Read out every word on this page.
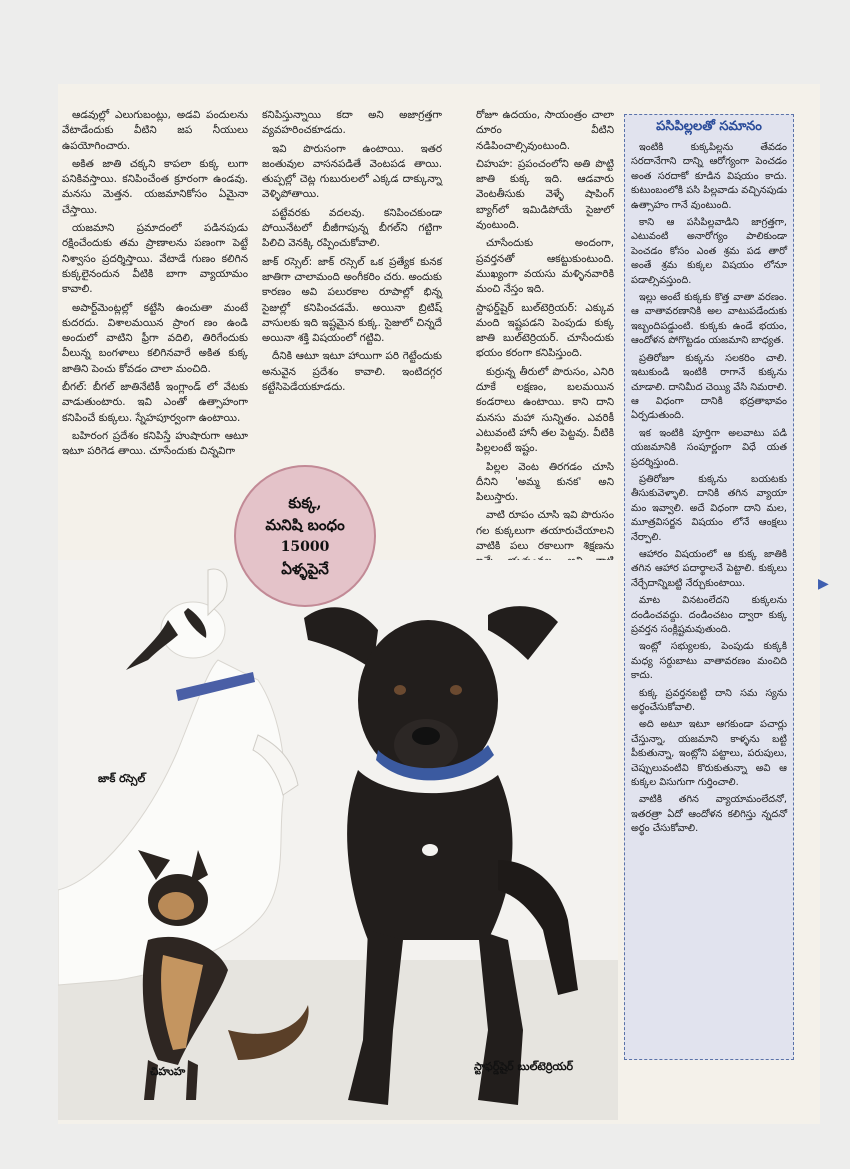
ఆడవుల్లో ఎలుగుబంట్లు, అడవి పందులను వేటాడేందుకు వీటిని జప నీయులు ఉపయోగించారు.

అకిత జాతి చక్కని కాపలా కుక్క లుగా పనికివస్తాయి. కనిపించేంత క్రూరంగా ఉండవు. మనసు మెత్తన. యజమానికోసం ఏమైనా చేస్తాయి.

యజమాని ప్రమాదంలో పడినపుడు రక్షించేందుకు తమ ప్రాణాలను పణంగా పెట్టే నిశ్వాసం ప్రదర్శిస్తాయి. వేటాడే గుణం కలిగిన కుక్కలైనందున వీటికి బాగా వ్యాయామం కావాలి.

అపార్ట్‌మెంట్లల్లో కట్టేసి ఉంచుతా మంటే కుదరదు. విశాలమయిన ప్రాంగ ణం ఉండి అందులో వాటిని ఫ్రీగా వదిలి, తిరిగేందుకు వీలున్న బంగళాలు కలిగినవారే అకిత కుక్క జాతిని పెంచు కోవడం చాలా మంచిది.

బీగల్: బీగల్ జాతినేటికీ ఇంగ్లాండ్ లో వేటకు వాడుతుంటారు. ఇవి ఎంతో ఉత్సాహంగా కనిపించే కుక్కలు. స్నేహపూర్వంగా ఉంటాయి.

బహిరంగ ప్రదేశం కనిపిస్తే హుషారుగా ఆటూ ఇటూ పరిగెడ తాయి. చూసేందుకు చిన్నవిగా

కనిపిస్తున్నాయి కదా అని అజాగ్రత్తగా వ్యవహరించకూడదు.

ఇవి పొరుసంగా ఉంటాయి. ఇతర జంతువుల వాసనపడితే వెంటపడ తాయి. తుప్పల్లో చెట్ల గుబురులలో ఎక్కడ దాక్కున్నా వెళ్ళిపోతాయి.

పట్టేవరకు వదలవు. కనిపించకుండా పోయినేటలో బీజీగాపున్న బీగల్‌ని గట్టిగా పిలిచి వెనక్కి రప్పించుకోవాలి.

జాక్ రస్సెల్: జాక్ రస్సెల్ ఒక ప్రత్యేక కునక జాతిగా చాలామంది అంగీకరిం చరు. అందుకు కారణం అవి పలురకాల రూపాల్లో భిన్న సైజుల్లో కనిపించడమే. అయినా బ్రిటిష్ వాసులకు ఇది ఇష్టమైన కుక్క. సైజులో చిన్నదే అయినా శక్తి విషయంలో గట్టివి.

దీనికి ఆటూ ఇటూ హాయిగా పరి గెట్టేందుకు అనువైన ప్రదేశం కావాలి. ఇంటిదగ్గర కట్టేసిపెడేయకూడదు.

రోజూ ఉదయం, సాయంత్రం చాలా దూరం వీటిని నడిపించాల్సివుంటుంది.

చిహుహ: ప్రపంచంలోని అతి పొట్టి జాతి కుక్క ఇది. ఆడవారు వెంటతీసుకు వెళ్ళే షాపింగ్ బ్యాగ్‌లో ఇమిడిపోయే సైజులో వుంటుంది.

చూసేందుకు అందంగా, ప్రవర్తనతో ఆకట్టుకుంటుంది. ముఖ్యంగా వయసు మళ్ళినవారికి మంచి నేస్తం ఇది.

స్టాఫర్డ్‌షైర్ బుల్‌టెర్రియర్: ఎక్కువ మంది ఇష్టపడని పెంపుడు కుక్క జాతి బుల్‌టెర్రియర్. చూసేందుకు భయం కరంగా కనిపిస్తుంది.

కుర్రున్న తీరులో పొరుసం, ఎనిరి దూకే లక్షణం, బలమయిన కండరాలు ఉంటాయి. కాని దాని మనసు మహా సున్నితం. ఎవరికీ ఎటువంటి హానీ తల పెట్టవు. వీటికి పిల్లలంటే ఇష్టం.

పిల్లల వెంట తిరగడం చూసి దీనిని 'అమ్మ కునక' అని పిలుస్తారు.

వాటి రూపం చూసి ఇవి పొరుసం గల కుక్కలుగా తయారుచేయాలని వాటికి పలు రకాలుగా శిక్షణను

పసిపిల్లలతో సమానం

ఇంటికి కుక్కపిల్లను తేవడం సరదానేగాని దాన్ని ఆరోగ్యంగా పెంచడం అంత సరదాకో కూడిన విషయం కాదు. కుటుంబంలోకి పసి పిల్లవాడు వచ్చినపుడు ఉత్సాహం గానే వుంటుంది.

కాని ఆ పసిపిల్లవాడిని జాగ్రత్తగా, ఎటువంటి అనారోగ్యం పాలికుండా పెంచడం కోసం ఎంత శ్రమ పడ తారో అంతే శ్రమ కుక్కల విషయం లోనూ పడాల్సివస్తుంది.

ఇల్లు అంటే కుక్కకు కొత్త వాతా వరణం. ఆ వాతావరణానికి అల వాటుపడేందుకు ఇబ్బందిపడ్డుంటి. కుక్కకు ఉండే భయం, ఆందోళన పోగొట్టడం యజమాని బాధ్యత.

ప్రతిరోజూ కుక్కను సలకరిం చాలి. ఇటుకుండి ఇంటికి రాగానే కుక్కను చూడాలి. దానిమీద చెయ్యి వేసి నిమరాలి. ఆ విధంగా దానికి భద్రతాభావం ఏర్పడుతుంది.

ఇక ఇంటికి పూర్తిగా అలవాటు పడి యజమానికి సంపూర్ణంగా విధే యత ప్రదర్శిస్తుంది.

ప్రతిరోజూ కుక్కను బయటకు తీసుకువెళ్ళాలి. దానికి తగిన వ్యాయా మం ఇవ్వాలి. అదే విధంగా దాని మల, మూత్రవిసర్జన విషయం లోనే ఆంక్షలు నేర్పాలి.

ఆహారం విషయంలో ఆ కుక్క జాతికి తగిన ఆహార పదార్థాలనే పెట్టాలి. కుక్కలు నేర్చేదాన్నిబట్టి నేర్చుకుంటాయి.

మాట వినటంలేదని కుక్కలను దండించవద్దు. దండించటం ద్వారా కుక్క ప్రవర్తన సంక్లిష్టమవుతుంది.

ఇంట్లో సభ్యులకు, పెంపుడు కుక్కకి మధ్య సర్దుబాటు వాతావరణం మంచిది కాదు.

కుక్క ప్రవర్తనబట్టి దాని సమ స్యను అర్థంచేసుకోవాలి.

అది అటూ ఇటూ ఆగకుండా పచార్లు చేస్తున్నా, యజమాని కాళ్ళను బట్టి పీకుతున్నా, ఇంట్లోని పట్టాలు, పరుపులు, చెప్పులువంటివి కొరుకుతున్నా అవి ఆ కుక్కల విసుగుగా గుర్తించాలి.

వాటికి తగిన వ్యాయామంలేదనో, ఇతరత్రా ఏదో ఆందోళన కలిగిస్తు న్నదనో అర్థం చేసుకోవాలి.

కుక్క,
మనిషి బంధం
15000
ఏళ్ళపైనే
జాక్ రస్సెల్
చిహుహ	స్టాఫర్డ్‌షైర్ బుల్‌టెర్రియర్
▶
